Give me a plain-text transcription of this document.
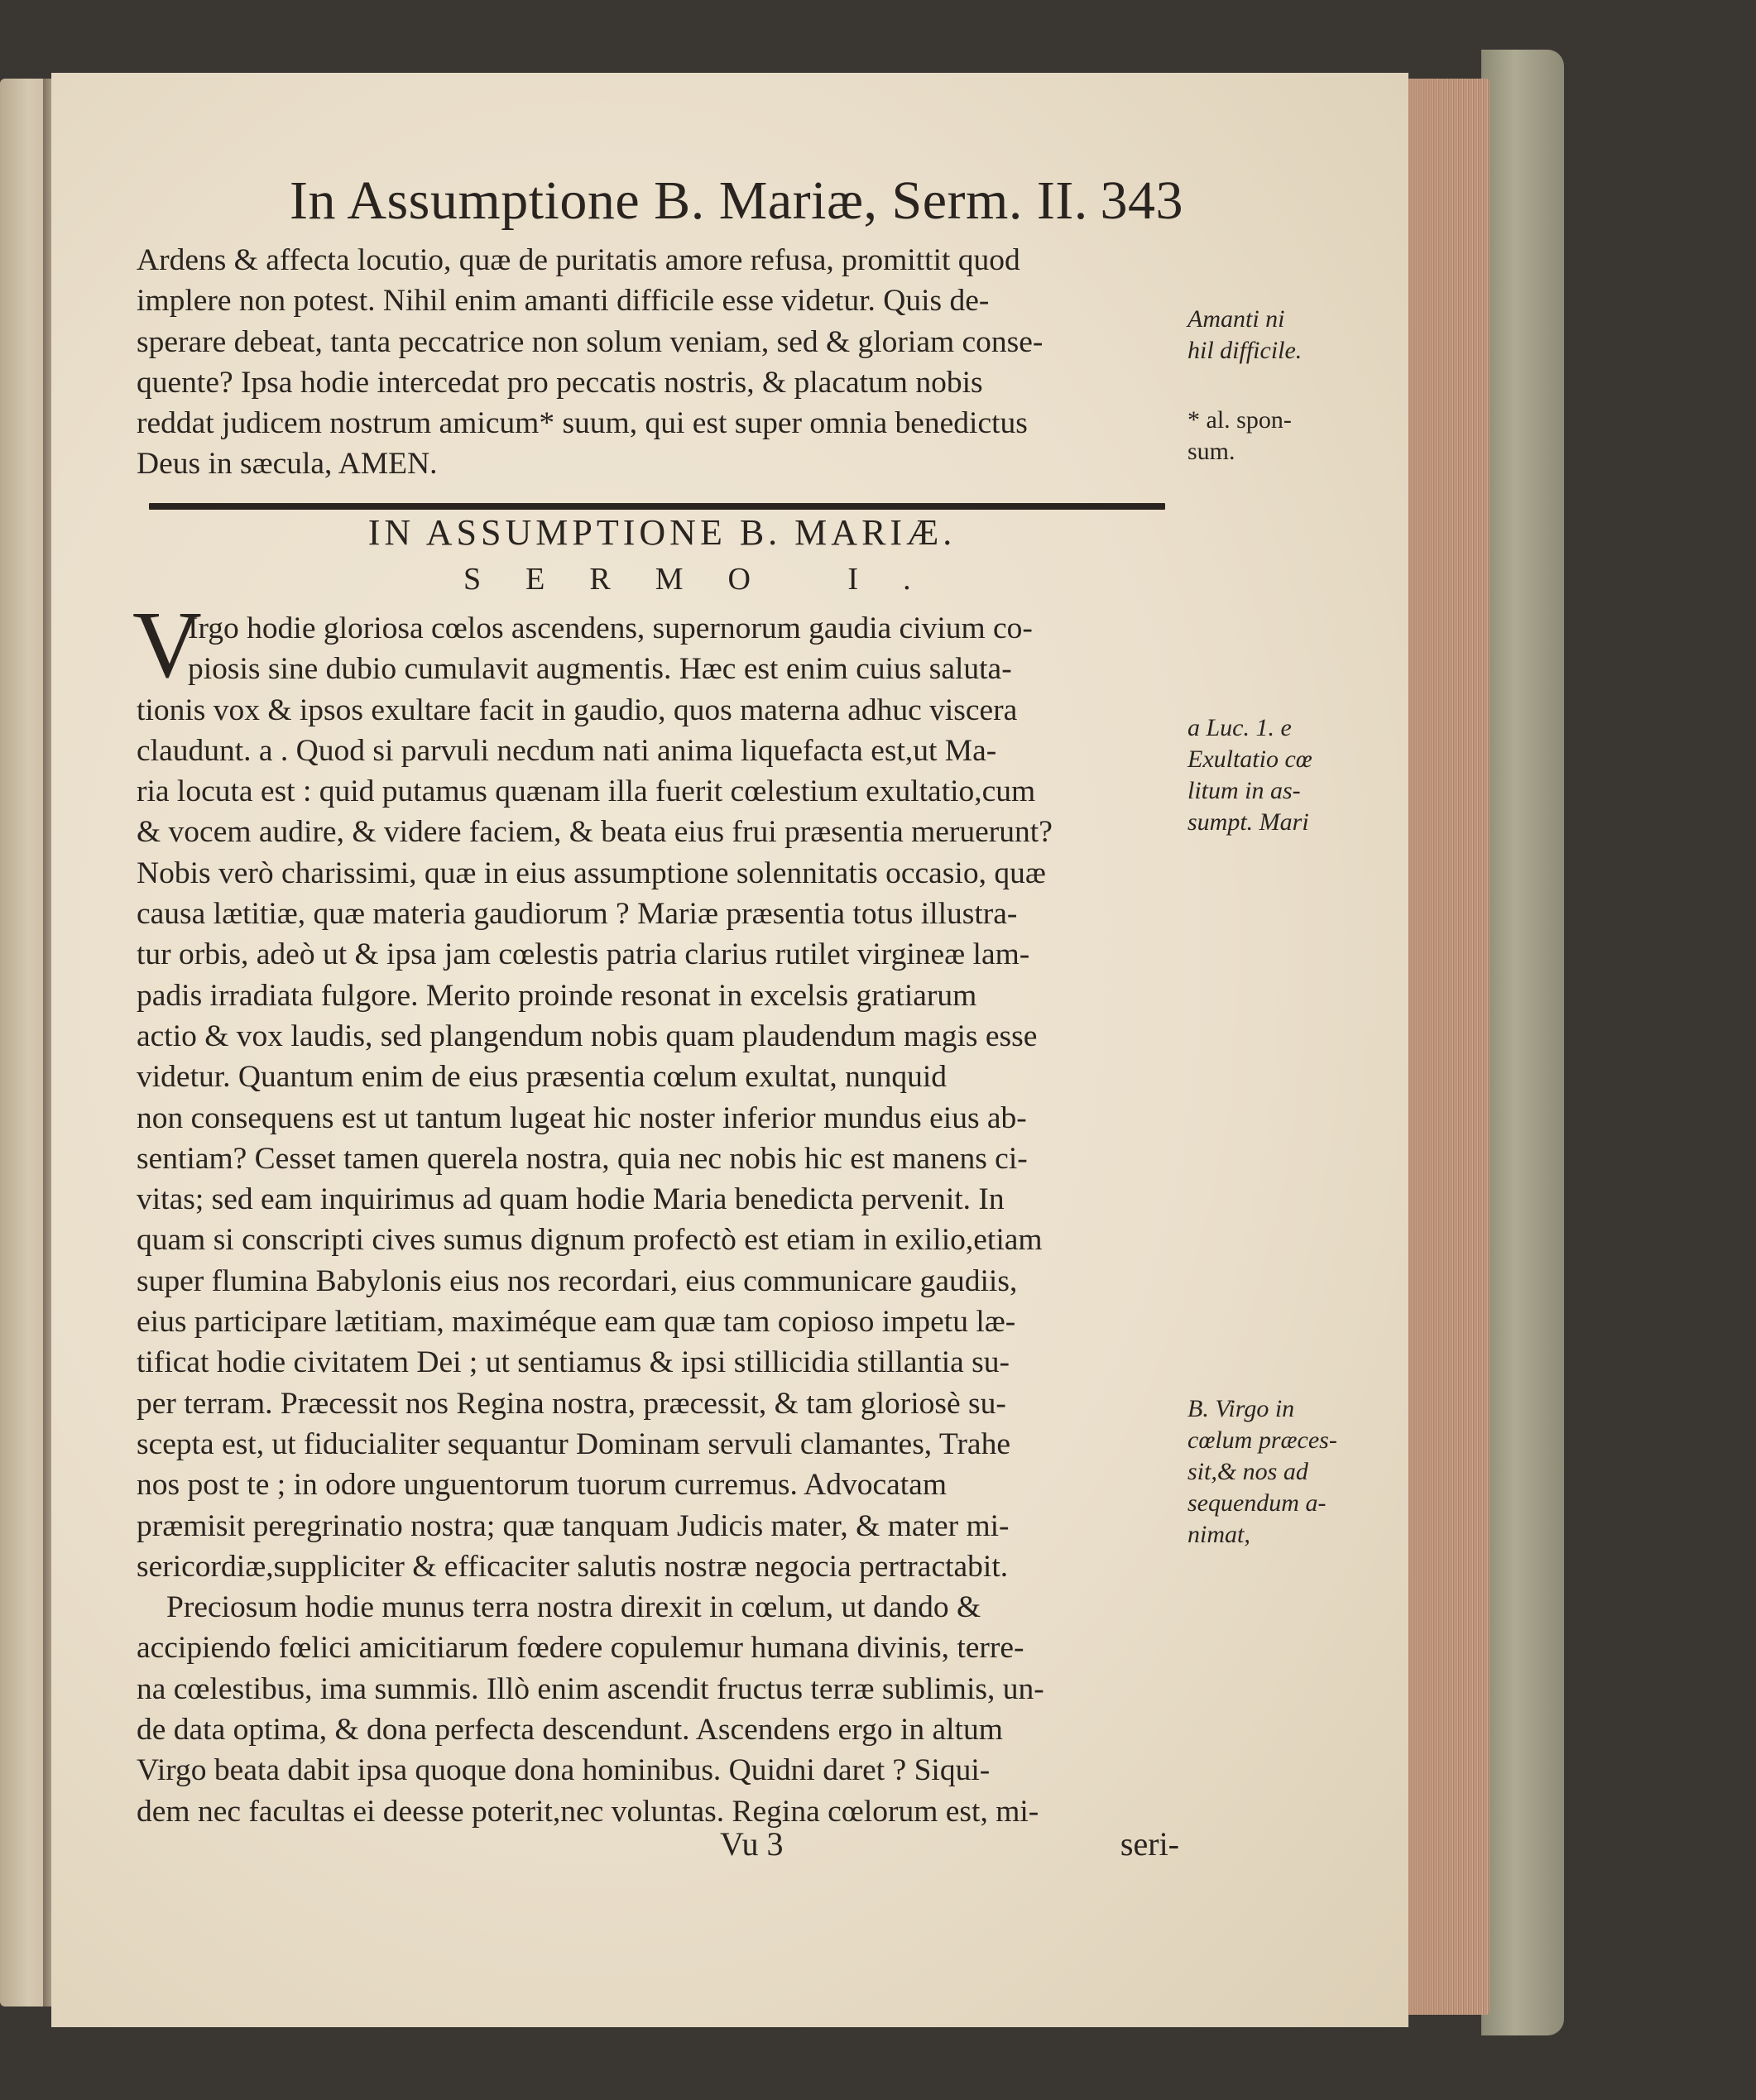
In Assumptione B. Mariæ, Serm. II. 343
Ardens & affecta locutio, quæ de puritatis amore refusa, promittit quod
implere non potest. Nihil enim amanti difficile esse videtur. Quis de-
sperare debeat, tanta peccatrice non solum veniam, sed & gloriam conse-
quente? Ipsa hodie intercedat pro peccatis nostris, & placatum nobis
reddat judicem nostrum amicum* suum, qui est super omnia benedictus
Deus in sæcula, AMEN.
IN ASSUMPTIONE B. MARIÆ.
SERMO I.
V
Irgo hodie gloriosa cœlos ascendens, supernorum gaudia civium co-
piosis sine dubio cumulavit augmentis. Hæc est enim cuius saluta-
tionis vox & ipsos exultare facit in gaudio, quos materna adhuc viscera
claudunt. a . Quod si parvuli necdum nati anima liquefacta est,ut Ma-
ria locuta est : quid putamus quænam illa fuerit cœlestium exultatio,cum
& vocem audire, & videre faciem, & beata eius frui præsentia meruerunt?
Nobis verò charissimi, quæ in eius assumptione solennitatis occasio, quæ
causa lætitiæ, quæ materia gaudiorum ? Mariæ præsentia totus illustra-
tur orbis, adeò ut & ipsa jam cœlestis patria clarius rutilet virgineæ lam-
padis irradiata fulgore. Merito proinde resonat in excelsis gratiarum
actio & vox laudis, sed plangendum nobis quam plaudendum magis esse
videtur. Quantum enim de eius præsentia cœlum exultat, nunquid
non consequens est ut tantum lugeat hic noster inferior mundus eius ab-
sentiam? Cesset tamen querela nostra, quia nec nobis hic est manens ci-
vitas; sed eam inquirimus ad quam hodie Maria benedicta pervenit. In
quam si conscripti cives sumus dignum profectò est etiam in exilio,etiam
super flumina Babylonis eius nos recordari, eius communicare gaudiis,
eius participare lætitiam, maximéque eam quæ tam copioso impetu læ-
tificat hodie civitatem Dei ; ut sentiamus & ipsi stillicidia stillantia su-
per terram. Præcessit nos Regina nostra, præcessit, & tam gloriosè su-
scepta est, ut fiducialiter sequantur Dominam servuli clamantes, Trahe
nos post te ; in odore unguentorum tuorum curremus. Advocatam
præmisit peregrinatio nostra; quæ tanquam Judicis mater, & mater mi-
sericordiæ,suppliciter & efficaciter salutis nostræ negocia pertractabit.
Preciosum hodie munus terra nostra direxit in cœlum, ut dando &
accipiendo fœlici amicitiarum fœdere copulemur humana divinis, terre-
na cœlestibus, ima summis. Illò enim ascendit fructus terræ sublimis, un-
de data optima, & dona perfecta descendunt. Ascendens ergo in altum
Virgo beata dabit ipsa quoque dona hominibus. Quidni daret ? Siqui-
dem nec facultas ei deesse poterit,nec voluntas. Regina cœlorum est, mi-
Vu 3	seri-
Amanti ni
hil difficile.
* al. spon-
sum.
a Luc. 1. e
Exultatio cœ
litum in as-
sumpt. Mari
B. Virgo in
cœlum præces-
sit,& nos ad
sequendum a-
nimat,
